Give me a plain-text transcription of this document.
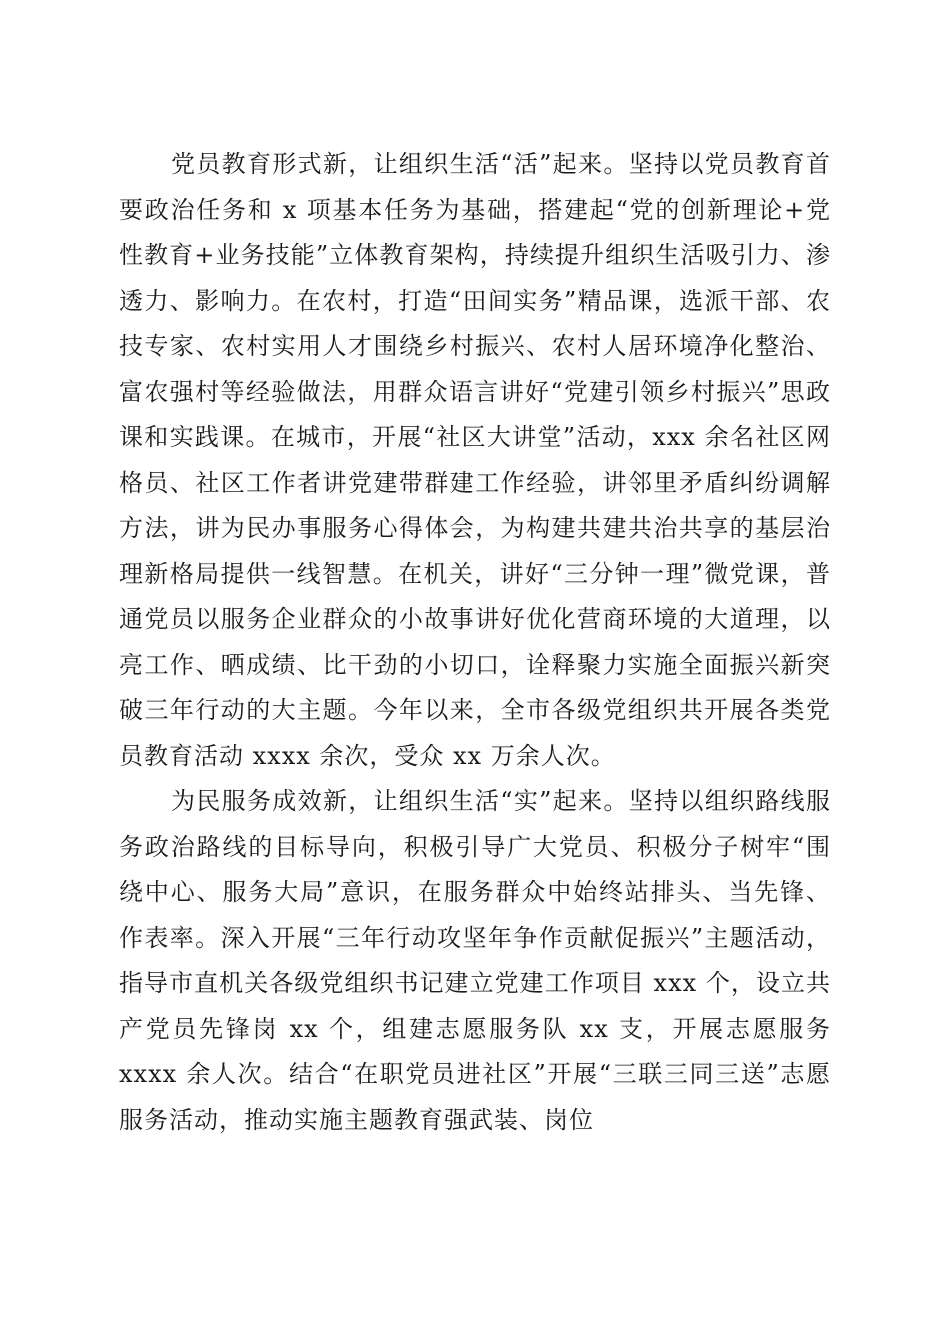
党员教育形式新，让组织生活“活”起来。坚持以党员教育首要政治任务和 x 项基本任务为基础，搭建起“党的创新理论+党性教育+业务技能”立体教育架构，持续提升组织生活吸引力、渗透力、影响力。在农村，打造“田间实务”精品课，选派干部、农技专家、农村实用人才围绕乡村振兴、农村人居环境净化整治、富农强村等经验做法，用群众语言讲好“党建引领乡村振兴”思政课和实践课。在城市，开展“社区大讲堂”活动，xxx 余名社区网格员、社区工作者讲党建带群建工作经验，讲邻里矛盾纠纷调解方法，讲为民办事服务心得体会，为构建共建共治共享的基层治理新格局提供一线智慧。在机关，讲好“三分钟一理”微党课，普通党员以服务企业群众的小故事讲好优化营商环境的大道理，以亮工作、晒成绩、比干劲的小切口，诠释聚力实施全面振兴新突破三年行动的大主题。今年以来，全市各级党组织共开展各类党员教育活动 xxxx 余次，受众 xx 万余人次。

为民服务成效新，让组织生活“实”起来。坚持以组织路线服务政治路线的目标导向，积极引导广大党员、积极分子树牢“围绕中心、服务大局”意识，在服务群众中始终站排头、当先锋、作表率。深入开展“三年行动攻坚年争作贡献促振兴”主题活动，指导市直机关各级党组织书记建立党建工作项目 xxx 个，设立共产党员先锋岗 xx 个，组建志愿服务队 xx 支，开展志愿服务 xxxx 余人次。结合“在职党员进社区”开展“三联三同三送”志愿服务活动，推动实施主题教育强武装、岗位
